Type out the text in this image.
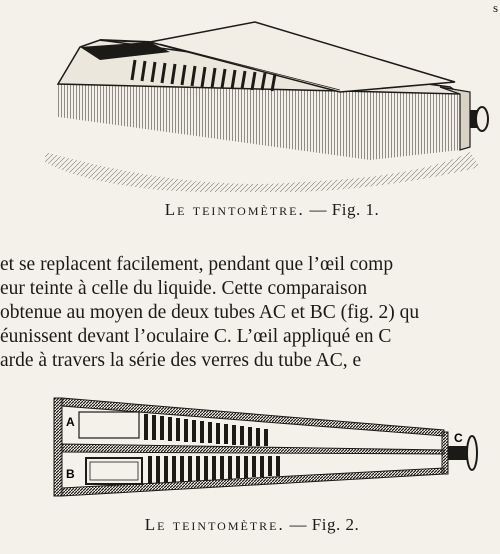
s
Le teintomètre. — Fig. 1.
et se replacent facilement, pendant que l’œil comp
eur teinte à celle du liquide. Cette comparaison
obtenue au moyen de deux tubes AC et BC (fig. 2) qu
éunissent devant l’oculaire C. L’œil appliqué en C
arde à travers la série des verres du tube AC, e
A
B
C
Le teintomètre. — Fig. 2.
